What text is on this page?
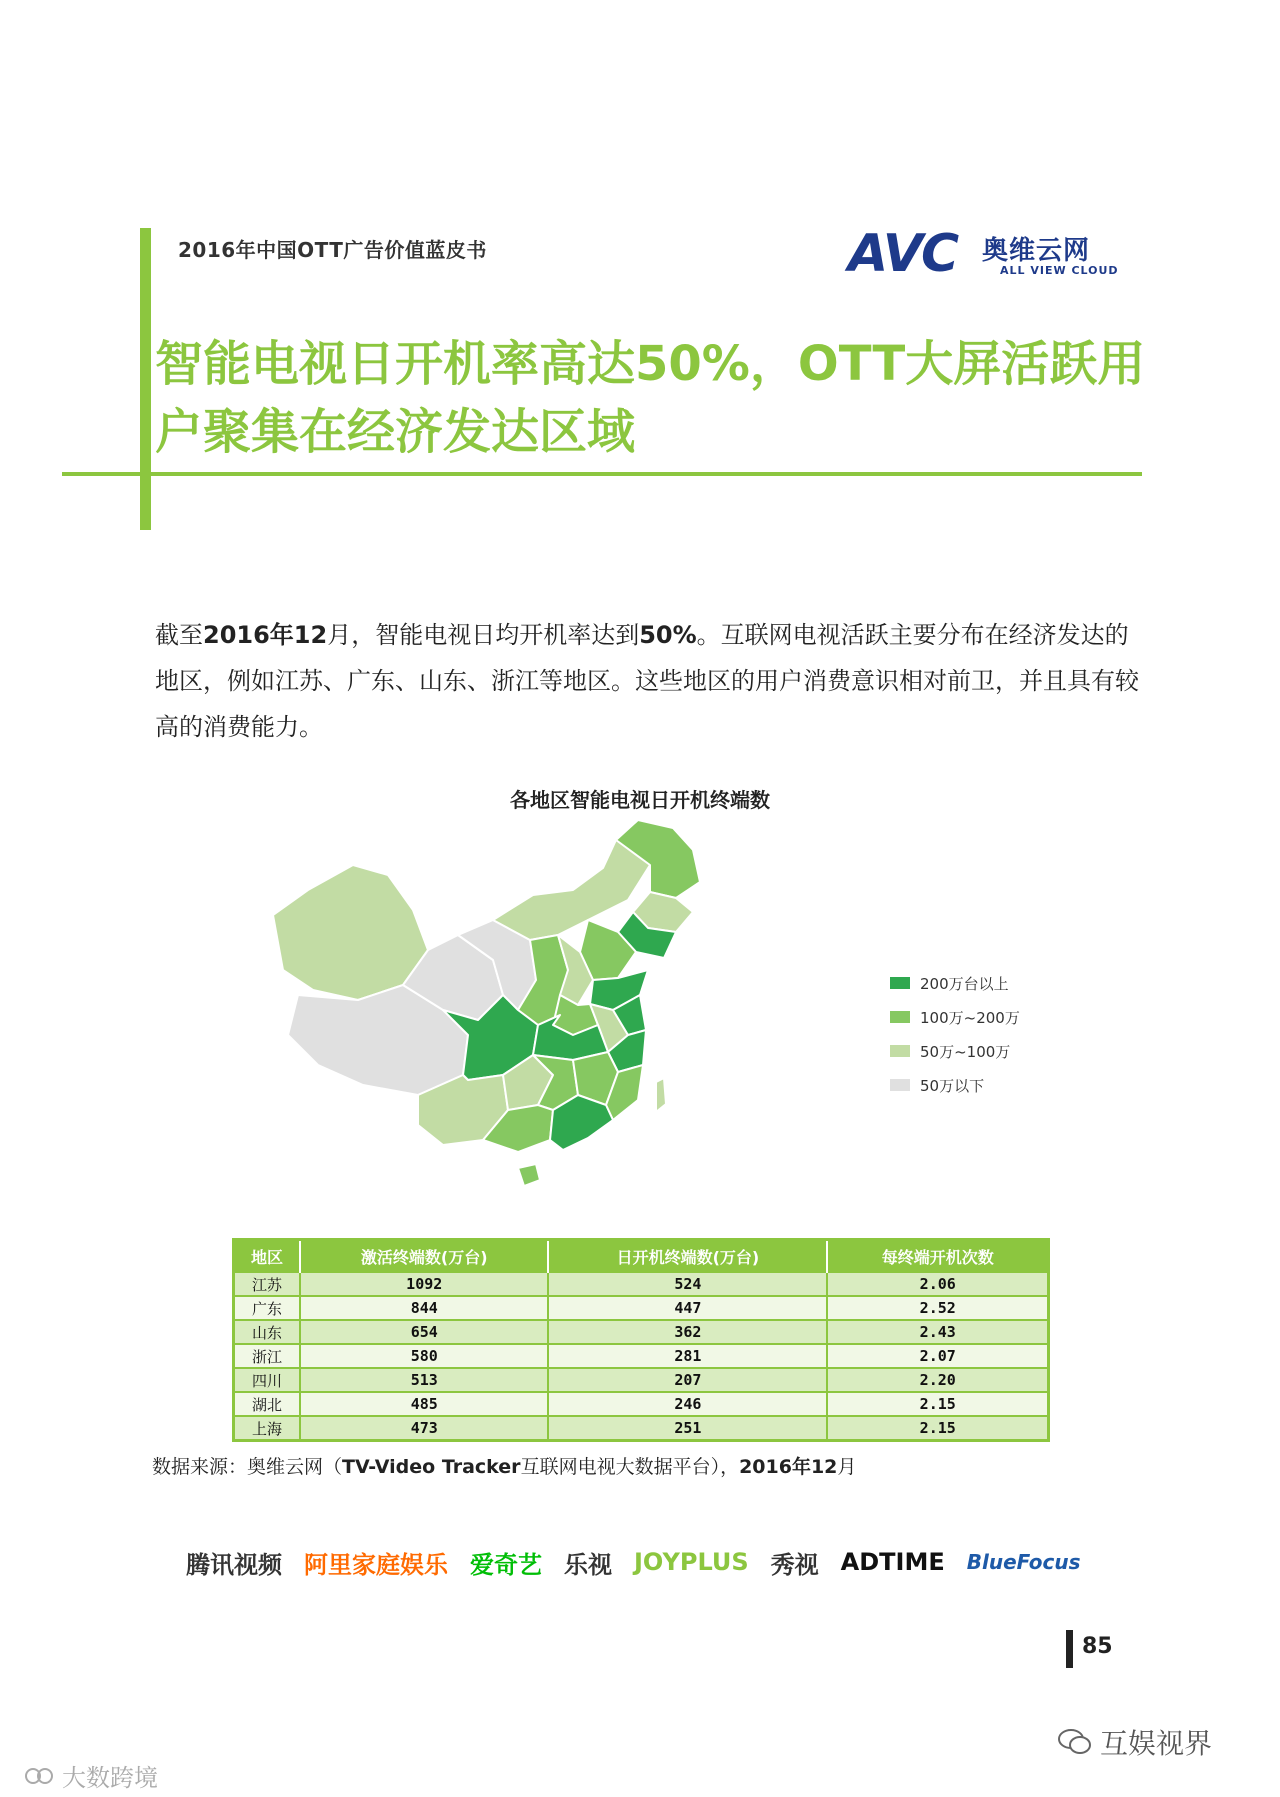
2016年中国OTT广告价值蓝皮书	AVC 奥维云网
ALL VIEW CLOUD
智能电视日开机率高达50%，OTT大屏活跃用
户聚集在经济发达区域
截至2016年12月，智能电视日均开机率达到50%。互联网电视活跃主要分布在经济发达的地区，例如江苏、广东、山东、浙江等地区。这些地区的用户消费意识相对前卫，并且具有较高的消费能力。
各地区智能电视日开机终端数
200万台以上
100万~200万
50万~100万
50万以下
地区	激活终端数(万台)	日开机终端数(万台)	每终端开机次数
江苏	1092	524	2.06
广东	844	447	2.52
山东	654	362	2.43
浙江	580	281	2.07
四川	513	207	2.20
湖北	485	246	2.15
上海	473	251	2.15
数据来源：奥维云网（TV-Video Tracker互联网电视大数据平台），2016年12月
腾讯视频 阿里家庭娱乐 爱奇艺 乐视 JOYPLUS 秀视 ADTIME BlueFocus
85
互娱视界
大数跨境
